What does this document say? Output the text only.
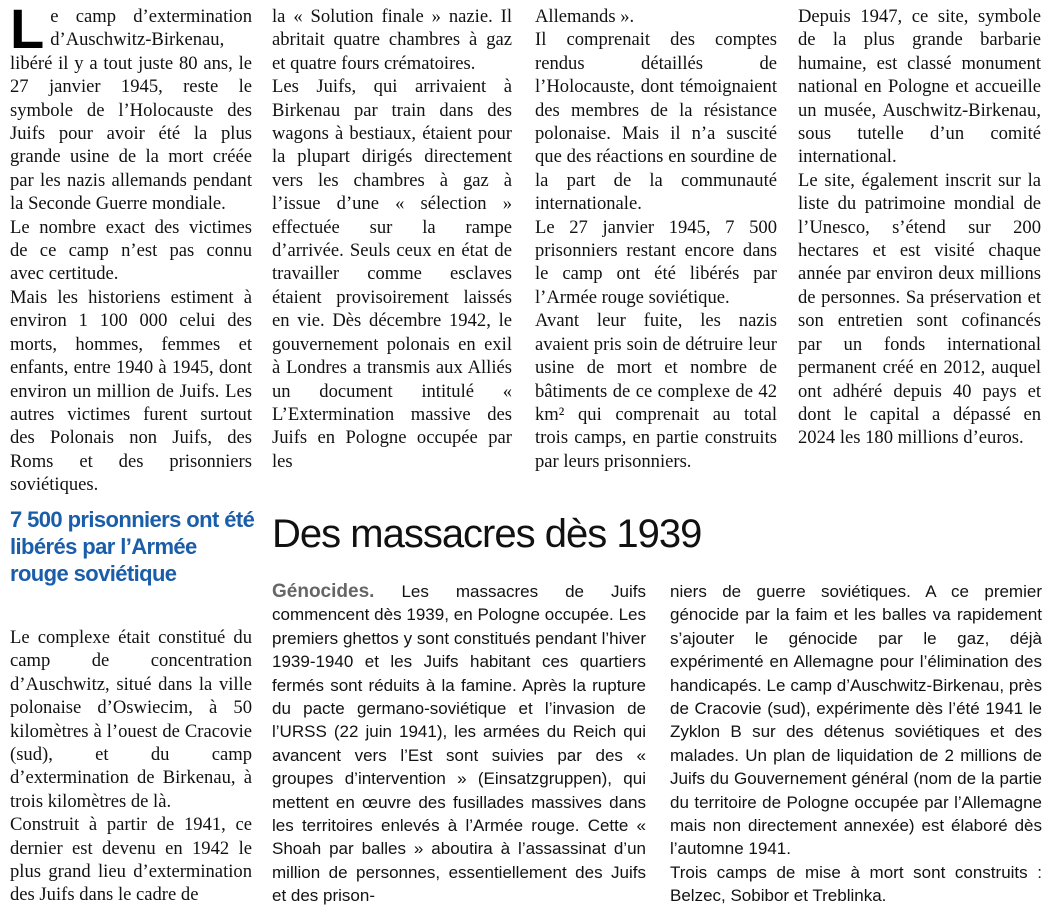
Le camp d’extermination d’Auschwitz-Birkenau, libéré il y a tout juste 80 ans, le 27 janvier 1945, reste le symbole de l’Holocauste des Juifs pour avoir été la plus grande usine de la mort créée par les nazis allemands pendant la Seconde Guerre mondiale.

Le nombre exact des victimes de ce camp n’est pas connu avec certitude.

Mais les historiens estiment à environ 1 100 000 celui des morts, hommes, femmes et enfants, entre 1940 à 1945, dont environ un million de Juifs. Les autres victimes furent surtout des Polonais non Juifs, des Roms et des prisonniers soviétiques.

7 500 prisonniers ont été libérés par l’Armée rouge soviétique

Le complexe était constitué du camp de concentration d’Auschwitz, situé dans la ville polonaise d’Oswiecim, à 50 kilomètres à l’ouest de Cracovie (sud), et du camp d’extermination de Birkenau, à trois kilomètres de là.

Construit à partir de 1941, ce dernier est devenu en 1942 le plus grand lieu d’extermination des Juifs dans le cadre de

la « Solution finale » nazie. Il abritait quatre chambres à gaz et quatre fours crématoires.

Les Juifs, qui arrivaient à Birkenau par train dans des wagons à bestiaux, étaient pour la plupart dirigés directement vers les chambres à gaz à l’issue d’une « sélection » effectuée sur la rampe d’arrivée. Seuls ceux en état de travailler comme esclaves étaient provisoirement laissés en vie. Dès décembre 1942, le gouvernement polonais en exil à Londres a transmis aux Alliés un document intitulé « L’Extermination massive des Juifs en Pologne occupée par les

Allemands ».

Il comprenait des comptes rendus détaillés de l’Holocauste, dont témoignaient des membres de la résistance polonaise. Mais il n’a suscité que des réactions en sourdine de la part de la communauté internationale.

Le 27 janvier 1945, 7 500 prisonniers restant encore dans le camp ont été libérés par l’Armée rouge soviétique.

Avant leur fuite, les nazis avaient pris soin de détruire leur usine de mort et nombre de bâtiments de ce complexe de 42 km² qui comprenait au total trois camps, en partie construits par leurs prisonniers.

Depuis 1947, ce site, symbole de la plus grande barbarie humaine, est classé monument national en Pologne et accueille un musée, Auschwitz-Birkenau, sous tutelle d’un comité international.

Le site, également inscrit sur la liste du patrimoine mondial de l’Unesco, s’étend sur 200 hectares et est visité chaque année par environ deux millions de personnes. Sa préservation et son entretien sont cofinancés par un fonds international permanent créé en 2012, auquel ont adhéré depuis 40 pays et dont le capital a dépassé en 2024 les 180 millions d’euros.

Des massacres dès 1939

Génocides. Les massacres de Juifs commencent dès 1939, en Pologne occupée. Les premiers ghettos y sont constitués pendant l’hiver 1939-1940 et les Juifs habitant ces quartiers fermés sont réduits à la famine. Après la rupture du pacte germano-soviétique et l’invasion de l’URSS (22 juin 1941), les armées du Reich qui avancent vers l’Est sont suivies par des « groupes d’intervention » (Einsatzgruppen), qui mettent en œuvre des fusillades massives dans les territoires enlevés à l’Armée rouge. Cette « Shoah par balles » aboutira à l’assassinat d’un million de personnes, essentiellement des Juifs et des prison-

niers de guerre soviétiques. A ce premier génocide par la faim et les balles va rapidement s’ajouter le génocide par le gaz, déjà expérimenté en Allemagne pour l’élimination des handicapés. Le camp d’Auschwitz-Birkenau, près de Cracovie (sud), expérimente dès l’été 1941 le Zyklon B sur des détenus soviétiques et des malades. Un plan de liquidation de 2 millions de Juifs du Gouvernement général (nom de la partie du territoire de Pologne occupée par l’Allemagne mais non directement annexée) est élaboré dès l’automne 1941.

Trois camps de mise à mort sont construits : Belzec, Sobibor et Treblinka.
